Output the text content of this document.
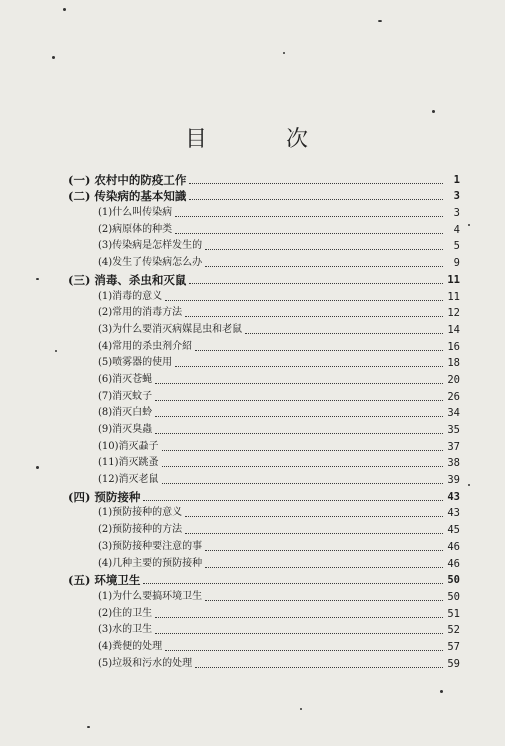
目 次
(一) 农村中的防疫工作	1
(二) 传染病的基本知識	3
(1)什么叫传染病	3
(2)病原体的种类	4
(3)传染病是怎样发生的	5
(4)发生了传染病怎么办	9
(三) 消毒、杀虫和灭鼠	11
(1)消毒的意义	11
(2)常用的消毒方法	12
(3)为什么要消灭病媒昆虫和老鼠	14
(4)常用的杀虫剂介紹	16
(5)喷雾器的使用	18
(6)消灭苍蝇	20
(7)消灭蚊子	26
(8)消灭白蛉	34
(9)消灭臭蟲	35
(10)消灭蝨子	37
(11)消灭跳蚤	38
(12)消灭老鼠	39
(四) 预防接种	43
(1)预防接种的意义	43
(2)预防接种的方法	45
(3)预防接种要注意的事	46
(4)几种主要的预防接种	46
(五) 环境卫生	50
(1)为什么要搞环境卫生	50
(2)住的卫生	51
(3)水的卫生	52
(4)粪便的处理	57
(5)垃圾和污水的处理	59
